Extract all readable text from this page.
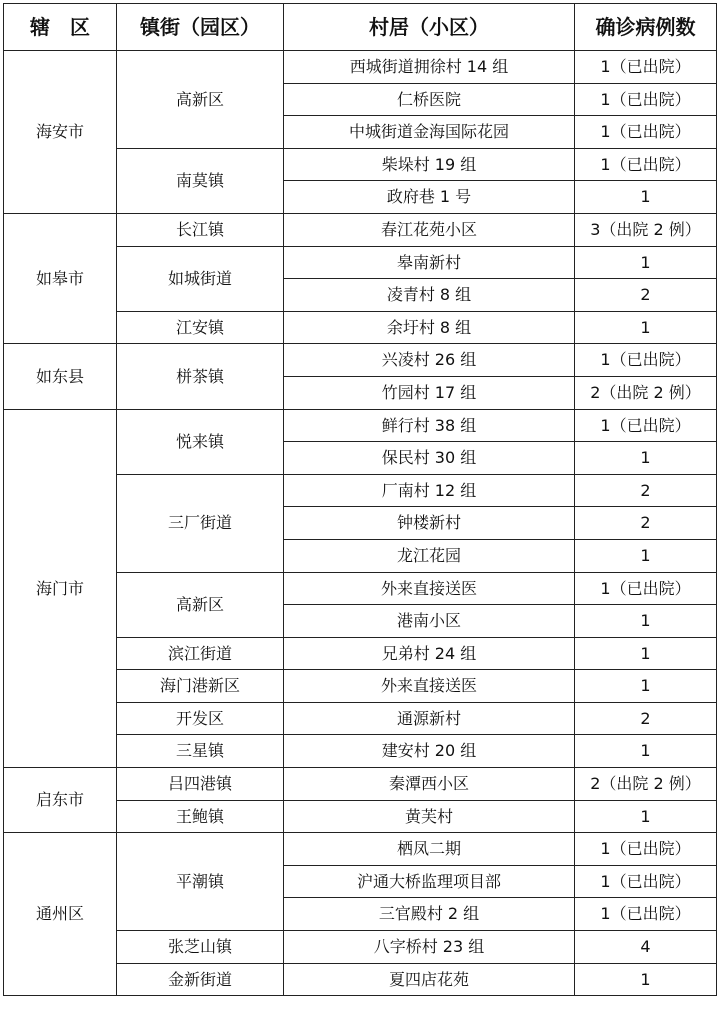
辖　区	镇街（园区）	村居（小区）	确诊病例数
海安市	高新区	西城街道拥徐村 14 组	1（已出院）
		仁桥医院	1（已出院）
		中城街道金海国际花园	1（已出院）
	南莫镇	柴垛村 19 组	1（已出院）
		政府巷 1 号	1
如皋市	长江镇	春江花苑小区	3（出院 2 例）
	如城街道	皋南新村	1
		凌青村 8 组	2
	江安镇	余圩村 8 组	1
如东县	栟茶镇	兴凌村 26 组	1（已出院）
		竹园村 17 组	2（出院 2 例）
海门市	悦来镇	鲜行村 38 组	1（已出院）
		保民村 30 组	1
	三厂街道	厂南村 12 组	2
		钟楼新村	2
		龙江花园	1
	高新区	外来直接送医	1（已出院）
		港南小区	1
	滨江街道	兄弟村 24 组	1
	海门港新区	外来直接送医	1
	开发区	通源新村	2
	三星镇	建安村 20 组	1
启东市	吕四港镇	秦潭西小区	2（出院 2 例）
	王鲍镇	黄芙村	1
通州区	平潮镇	栖凤二期	1（已出院）
		沪通大桥监理项目部	1（已出院）
		三官殿村 2 组	1（已出院）
	张芝山镇	八字桥村 23 组	4
	金新街道	夏四店花苑	1
